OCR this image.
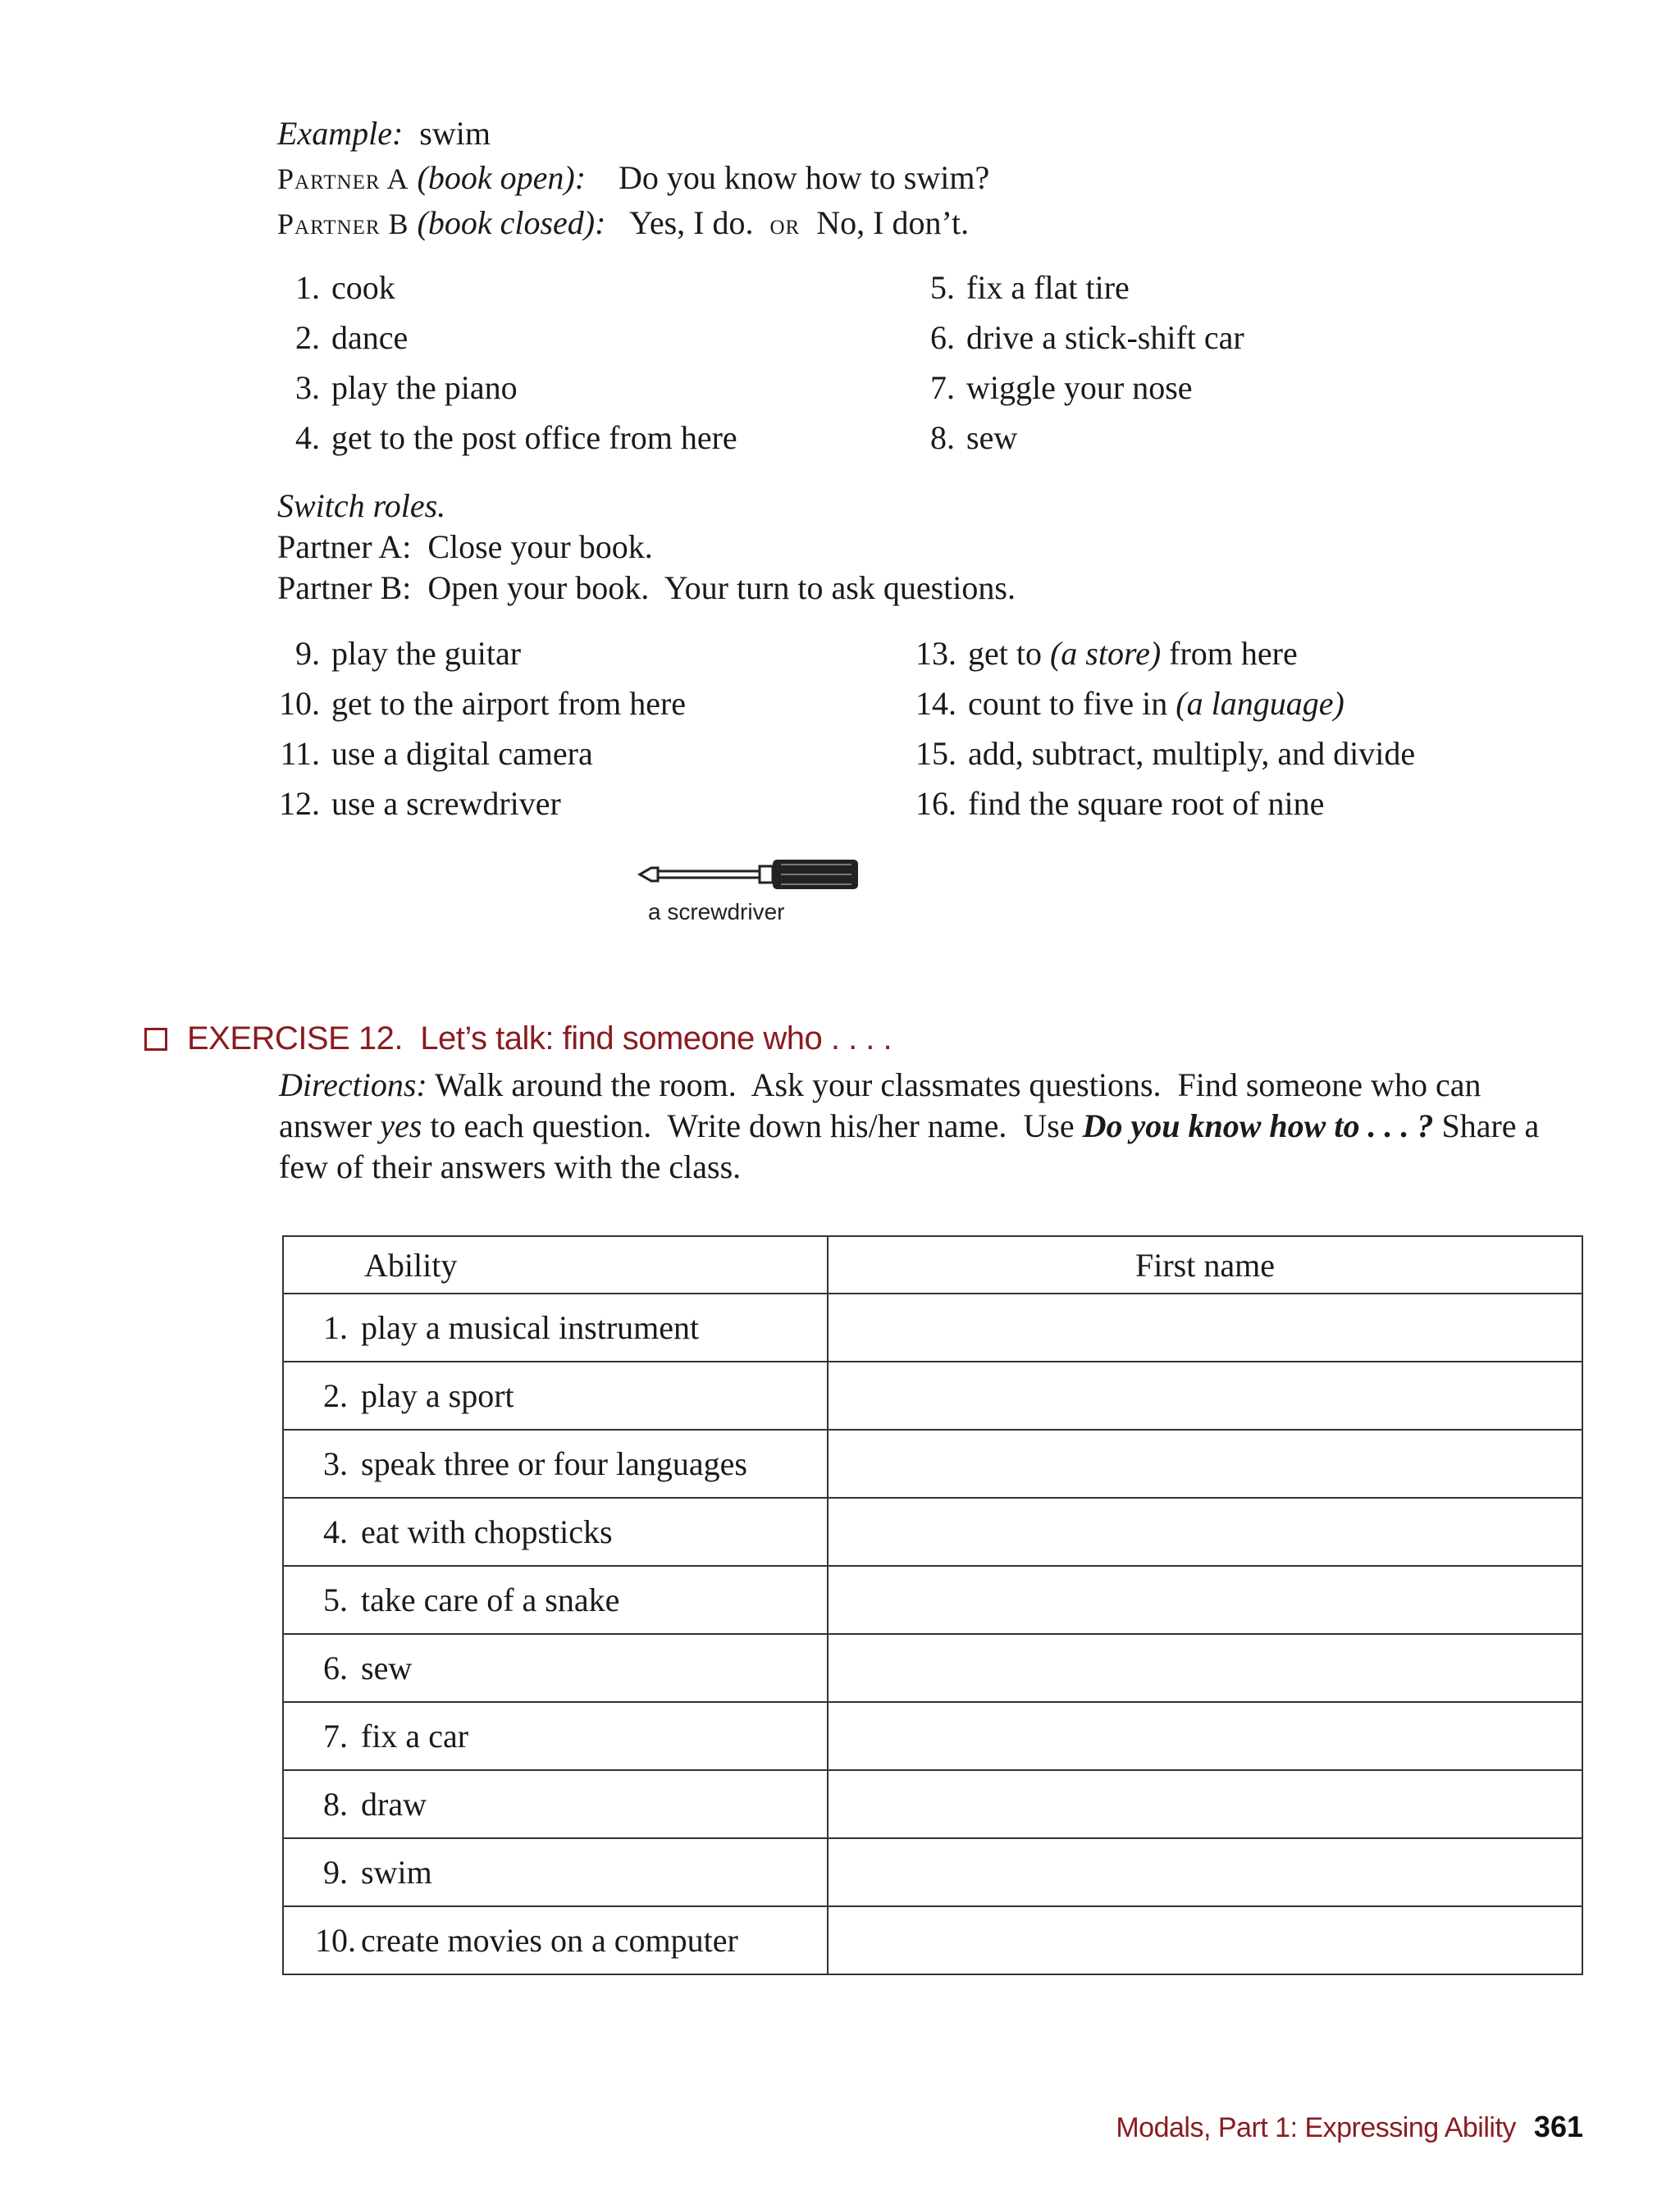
Example: swim
Partner A (book open): Do you know how to swim?
Partner B (book closed): Yes, I do. or No, I don’t.
1. cook
2. dance
3. play the piano
4. get to the post office from here
5. fix a flat tire
6. drive a stick-shift car
7. wiggle your nose
8. sew
Switch roles.
Partner A: Close your book.
Partner B: Open your book.  Your turn to ask questions.
9. play the guitar
10. get to the airport from here
11. use a digital camera
12. use a screwdriver
13. get to (a store) from here
14. count to five in (a language)
15. add, subtract, multiply, and divide
16. find the square root of nine
a screwdriver
EXERCISE 12.  Let’s talk: find someone who . . . .
Directions: Walk around the room.  Ask your classmates questions.  Find someone who can answer yes to each question.  Write down his/her name.  Use Do you know how to . . . ? Share a few of their answers with the class.
Ability	First name
1. play a musical instrument	
2. play a sport	
3. speak three or four languages	
4. eat with chopsticks	
5. take care of a snake	
6. sew	
7. fix a car	
8. draw	
9. swim	
10. create movies on a computer	
Modals, Part 1: Expressing Ability 361
